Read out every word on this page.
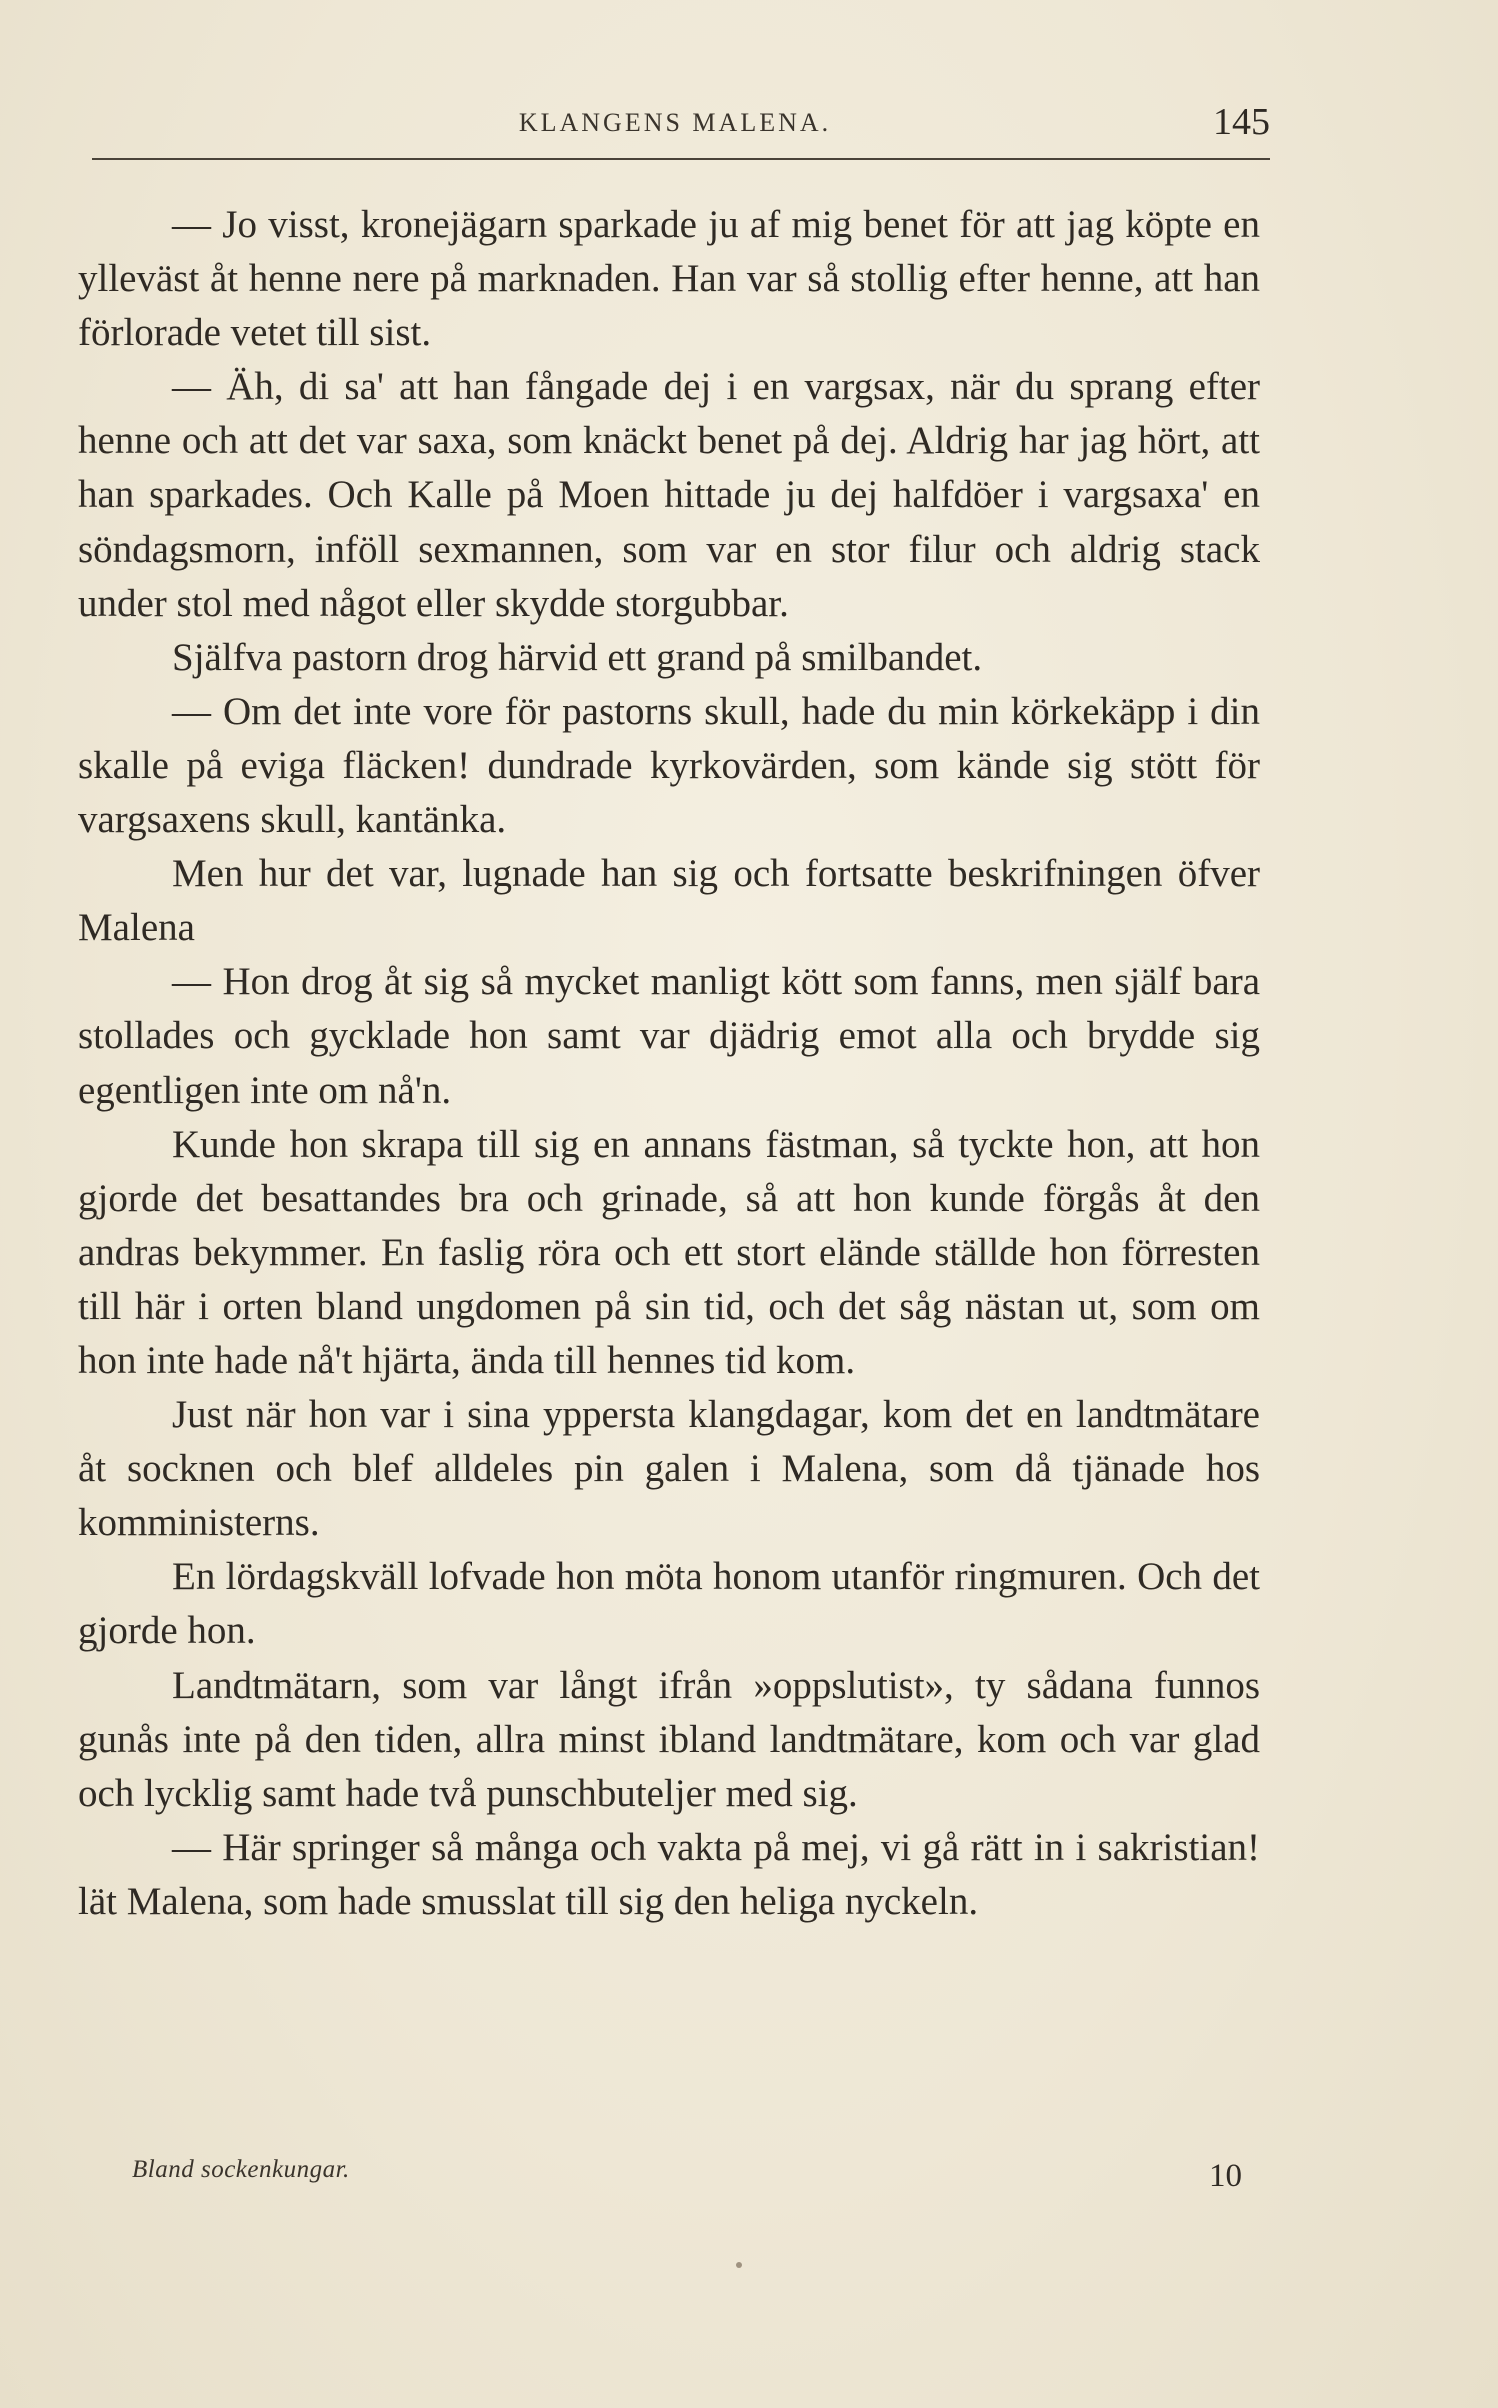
KLANGENS MALENA.	145

— Jo visst, kronejägarn sparkade ju af mig benet för att jag köpte en ylleväst åt henne nere på marknaden. Han var så stollig efter henne, att han förlorade vetet till sist.

— Äh, di sa' att han fångade dej i en vargsax, när du sprang efter henne och att det var saxa, som knäckt benet på dej. Aldrig har jag hört, att han sparkades. Och Kalle på Moen hittade ju dej halfdöer i vargsaxa' en söndagsmorn, inföll sexmannen, som var en stor filur och aldrig stack under stol med något eller skydde storgubbar.

Själfva pastorn drog härvid ett grand på smilbandet.

— Om det inte vore för pastorns skull, hade du min körkekäpp i din skalle på eviga fläcken! dundrade kyrkovärden, som kände sig stött för vargsaxens skull, kantänka.

Men hur det var, lugnade han sig och fortsatte beskrifningen öfver Malena

— Hon drog åt sig så mycket manligt kött som fanns, men själf bara stollades och gycklade hon samt var djädrig emot alla och brydde sig egentligen inte om nå'n.

Kunde hon skrapa till sig en annans fästman, så tyckte hon, att hon gjorde det besattandes bra och grinade, så att hon kunde förgås åt den andras bekymmer. En faslig röra och ett stort elände ställde hon förresten till här i orten bland ungdomen på sin tid, och det såg nästan ut, som om hon inte hade nå't hjärta, ända till hennes tid kom.

Just när hon var i sina yppersta klangdagar, kom det en landtmätare åt socknen och blef alldeles pin galen i Malena, som då tjänade hos komministerns.

En lördagskväll lofvade hon möta honom utanför ringmuren. Och det gjorde hon.

Landtmätarn, som var långt ifrån »oppslutist», ty sådana funnos gunås inte på den tiden, allra minst ibland landtmätare, kom och var glad och lycklig samt hade två punschbuteljer med sig.

— Här springer så många och vakta på mej, vi gå rätt in i sakristian! lät Malena, som hade smusslat till sig den heliga nyckeln.

Bland sockenkungar.	10
